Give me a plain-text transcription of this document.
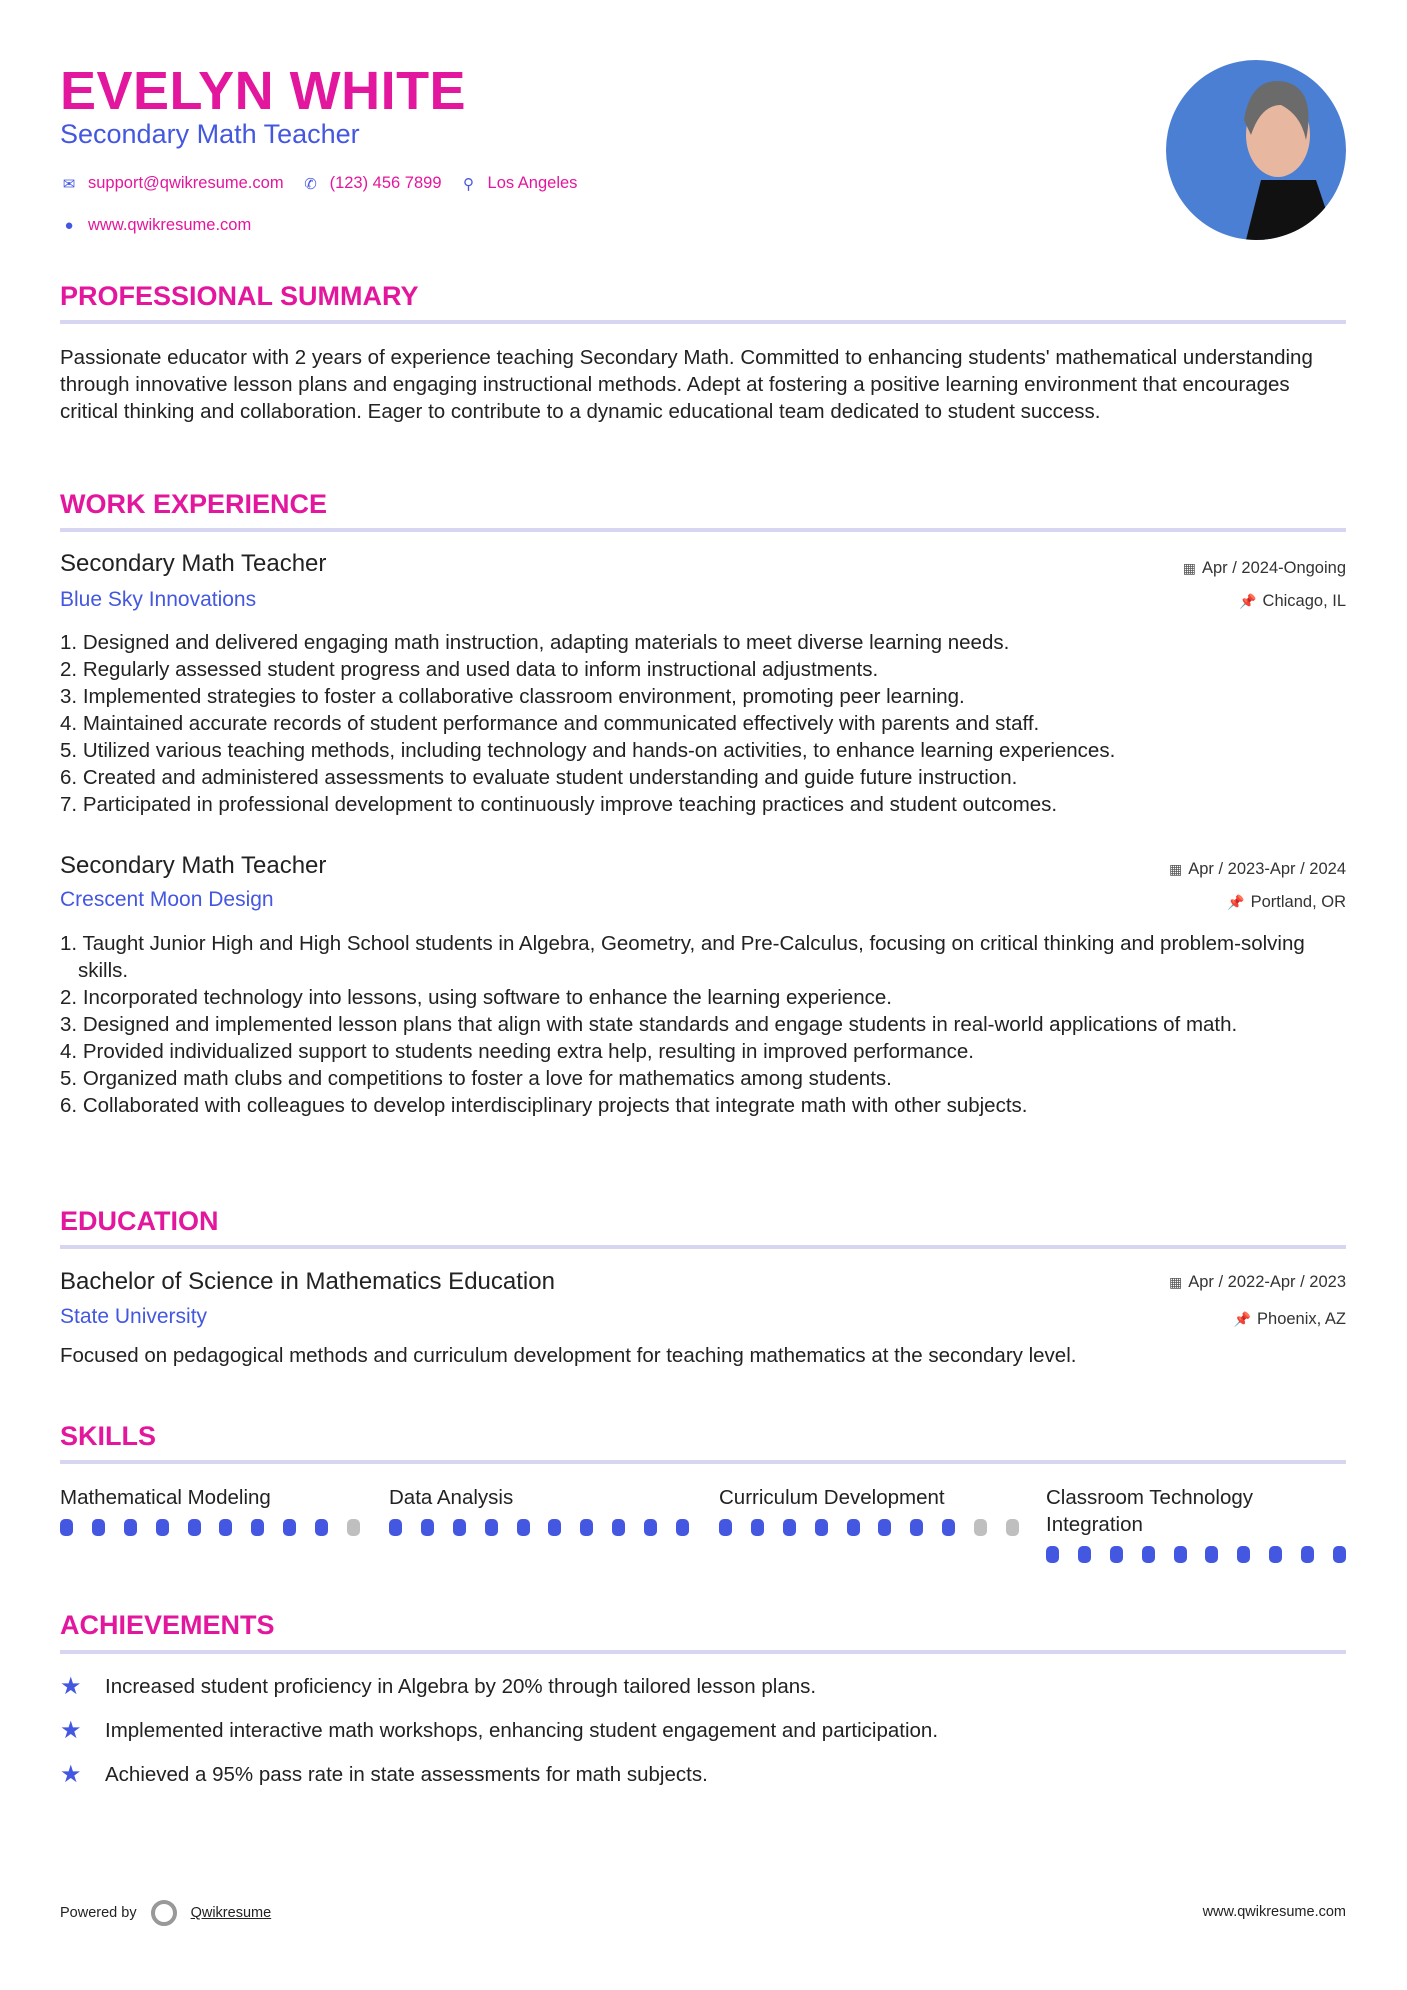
EVELYN WHITE
Secondary Math Teacher
✉ support@qwikresume.com ✆ (123) 456 7899 ⚲ Los Angeles
● www.qwikresume.com
PROFESSIONAL SUMMARY
Passionate educator with 2 years of experience teaching Secondary Math. Committed to enhancing students' mathematical understanding through innovative lesson plans and engaging instructional methods. Adept at fostering a positive learning environment that encourages critical thinking and collaboration. Eager to contribute to a dynamic educational team dedicated to student success.
WORK EXPERIENCE
Secondary Math Teacher	▦ Apr / 2024-Ongoing
Blue Sky Innovations	📌 Chicago, IL
Designed and delivered engaging math instruction, adapting materials to meet diverse learning needs.
Regularly assessed student progress and used data to inform instructional adjustments.
Implemented strategies to foster a collaborative classroom environment, promoting peer learning.
Maintained accurate records of student performance and communicated effectively with parents and staff.
Utilized various teaching methods, including technology and hands-on activities, to enhance learning experiences.
Created and administered assessments to evaluate student understanding and guide future instruction.
Participated in professional development to continuously improve teaching practices and student outcomes.
Secondary Math Teacher	▦ Apr / 2023-Apr / 2024
Crescent Moon Design	📌 Portland, OR
Taught Junior High and High School students in Algebra, Geometry, and Pre-Calculus, focusing on critical thinking and problem-solving skills.
Incorporated technology into lessons, using software to enhance the learning experience.
Designed and implemented lesson plans that align with state standards and engage students in real-world applications of math.
Provided individualized support to students needing extra help, resulting in improved performance.
Organized math clubs and competitions to foster a love for mathematics among students.
Collaborated with colleagues to develop interdisciplinary projects that integrate math with other subjects.
EDUCATION
Bachelor of Science in Mathematics Education	▦ Apr / 2022-Apr / 2023
State University	📌 Phoenix, AZ
Focused on pedagogical methods and curriculum development for teaching mathematics at the secondary level.
SKILLS
Mathematical Modeling	Data Analysis	Curriculum Development	Classroom Technology Integration
ACHIEVEMENTS
★	Increased student proficiency in Algebra by 20% through tailored lesson plans.
★	Implemented interactive math workshops, enhancing student engagement and participation.
★	Achieved a 95% pass rate in state assessments for math subjects.
Powered by	Qwikresume	www.qwikresume.com
